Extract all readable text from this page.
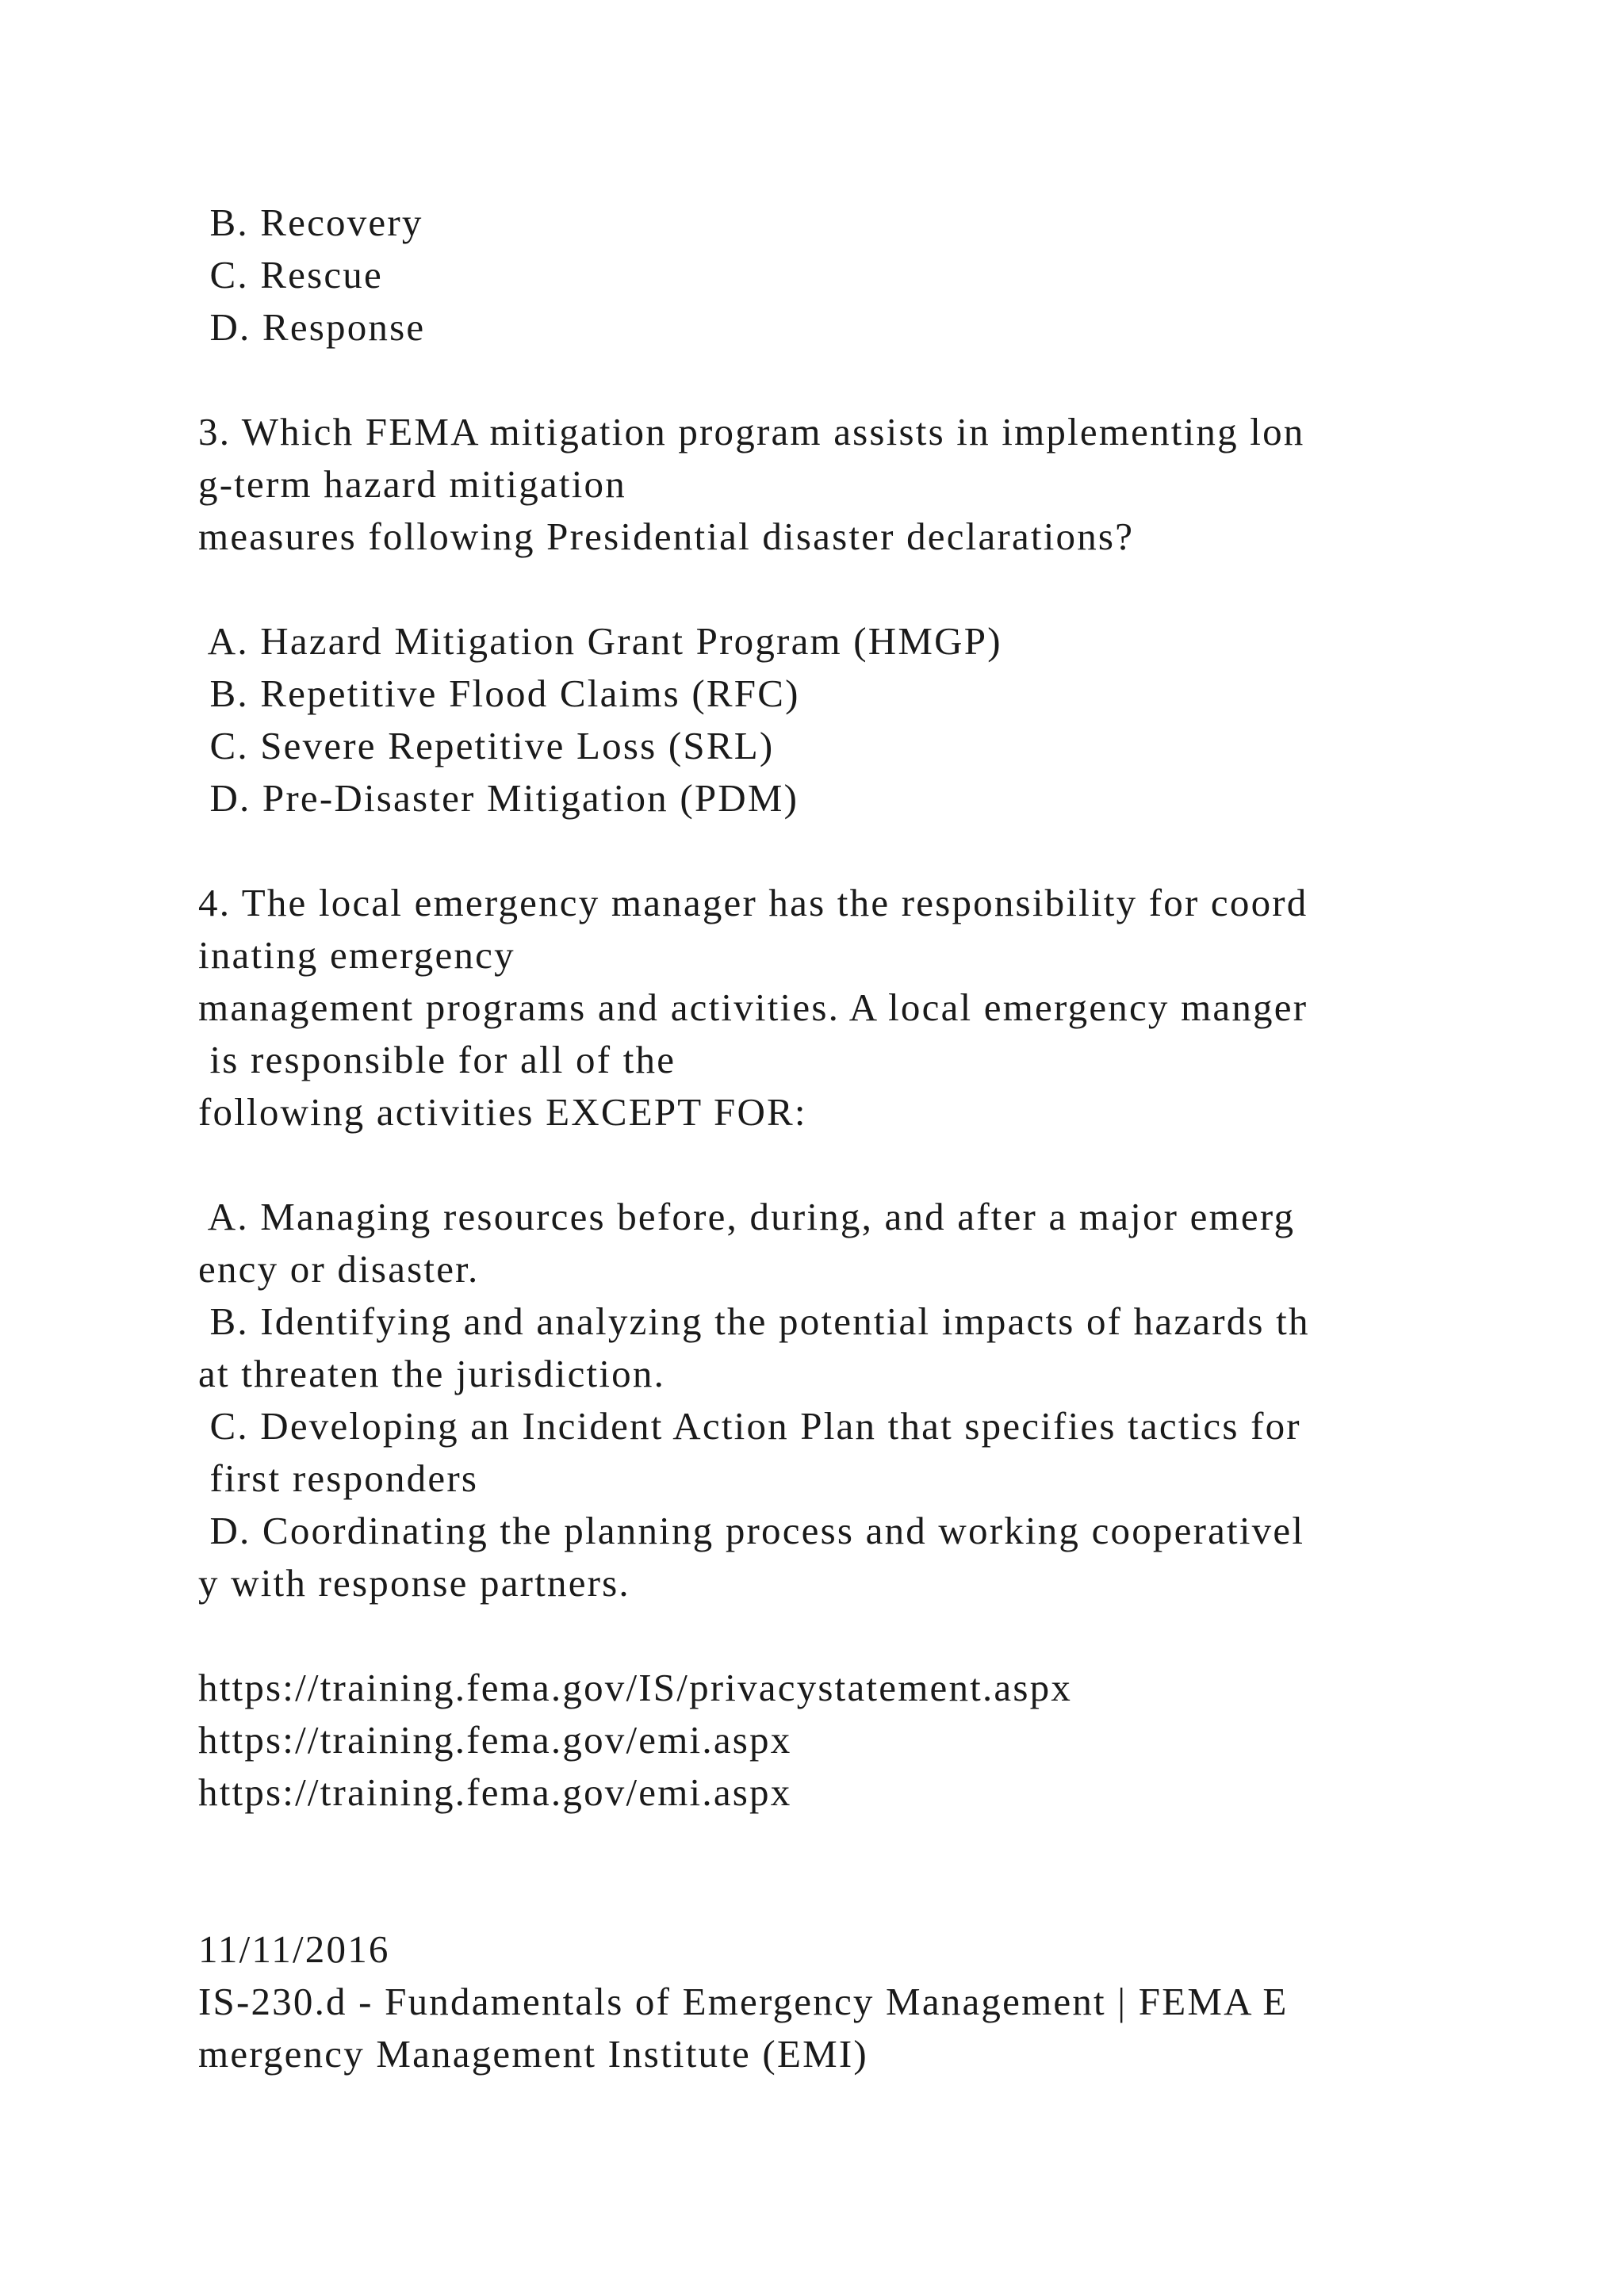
B. Recovery

C. Rescue

D. Response

3. Which FEMA mitigation program assists in implementing lon

g-term hazard mitigation

measures following Presidential disaster declarations?

A. Hazard Mitigation Grant Program (HMGP)

B. Repetitive Flood Claims (RFC)

C. Severe Repetitive Loss (SRL)

D. Pre-Disaster Mitigation (PDM)

4. The local emergency manager has the responsibility for coord

inating emergency

management programs and activities. A local emergency manger

is responsible for all of the

following activities EXCEPT FOR:

A. Managing resources before, during, and after a major emerg

ency or disaster.

B. Identifying and analyzing the potential impacts of hazards th

at threaten the jurisdiction.

C. Developing an Incident Action Plan that specifies tactics for

first responders

D. Coordinating the planning process and working cooperativel

y with response partners.

https://training.fema.gov/IS/privacystatement.aspx

https://training.fema.gov/emi.aspx

https://training.fema.gov/emi.aspx

11/11/2016

IS-230.d - Fundamentals of Emergency Management | FEMA E

mergency Management Institute (EMI)
